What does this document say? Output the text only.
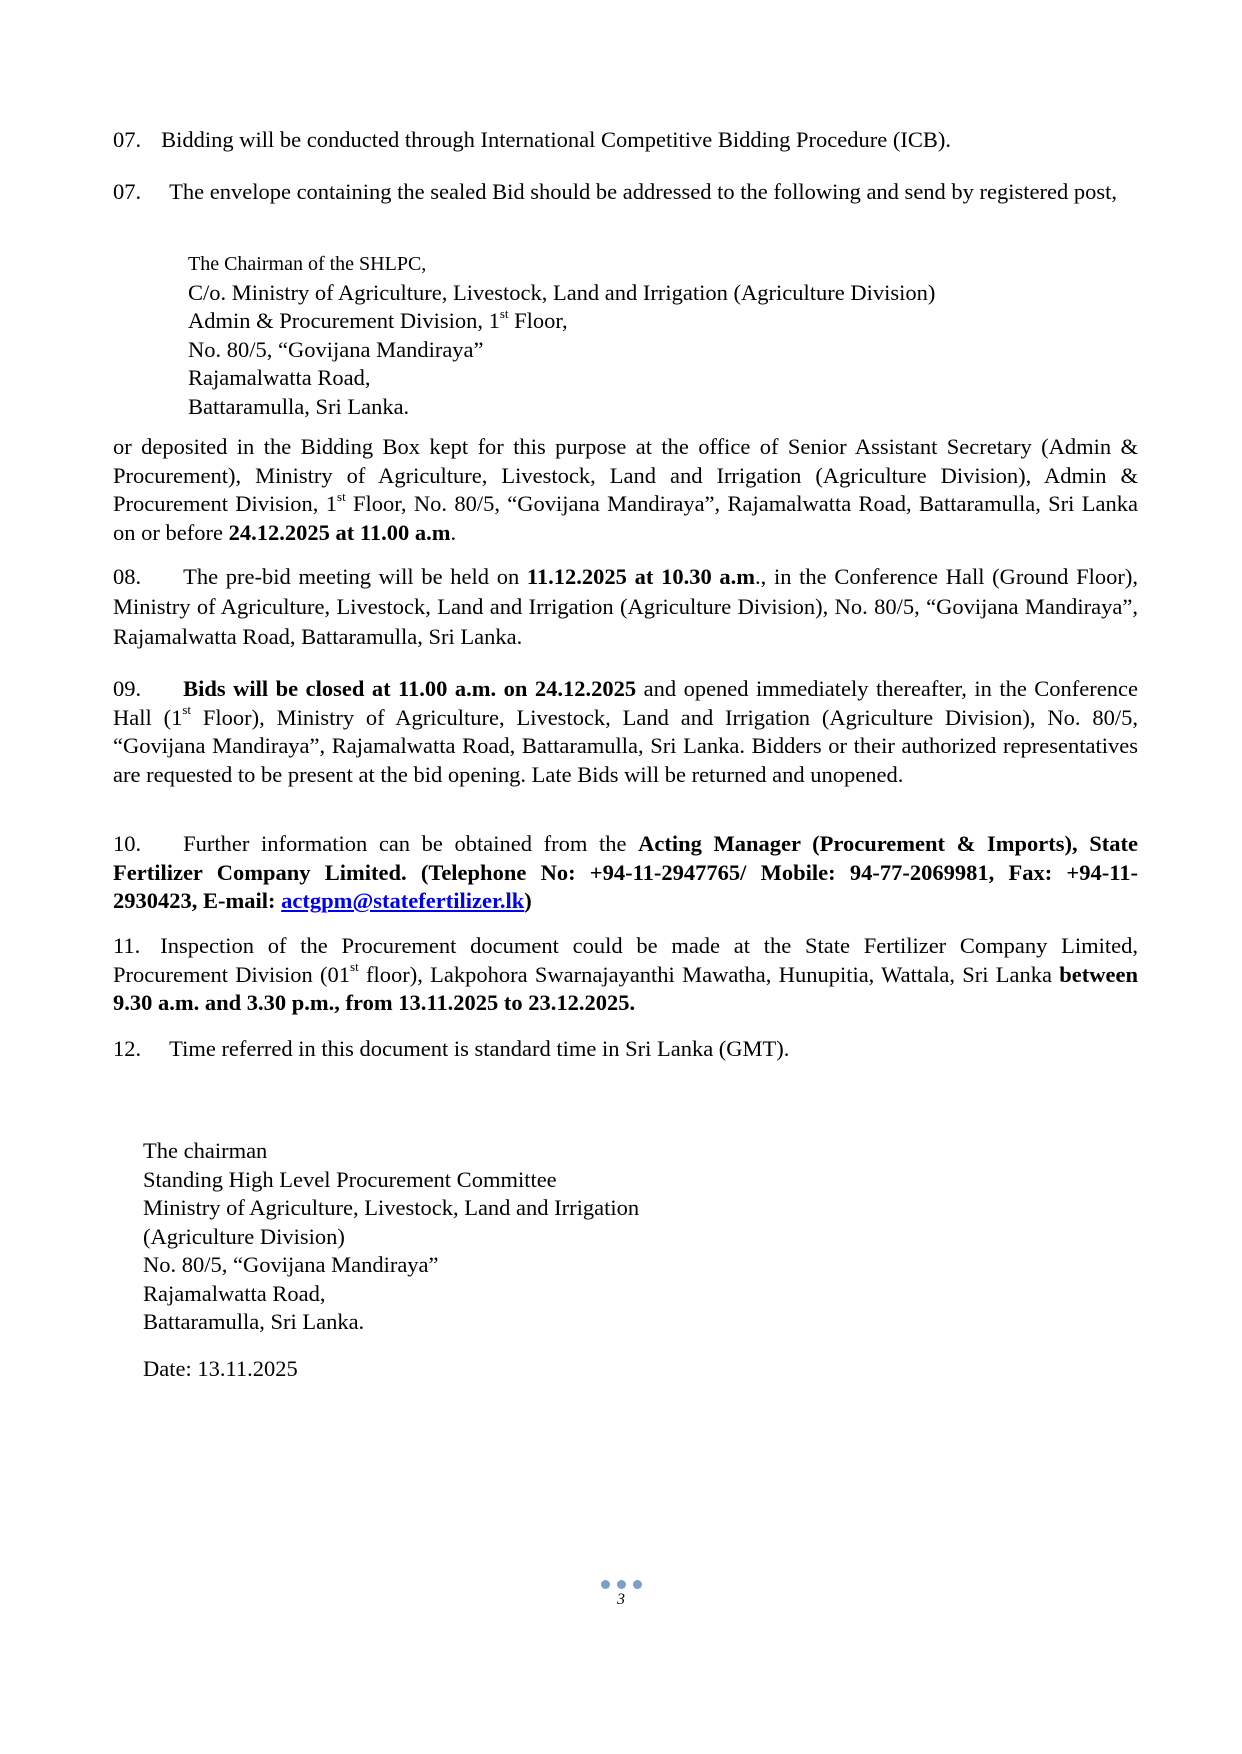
07. Bidding will be conducted through International Competitive Bidding Procedure (ICB).
07. The envelope containing the sealed Bid should be addressed to the following and send by registered post,
The Chairman of the SHLPC,
C/o. Ministry of Agriculture, Livestock, Land and Irrigation (Agriculture Division)
Admin & Procurement Division, 1st Floor,
No. 80/5, “Govijana Mandiraya”
Rajamalwatta Road,
Battaramulla, Sri Lanka.
or deposited in the Bidding Box kept for this purpose at the office of Senior Assistant Secretary (Admin & Procurement), Ministry of Agriculture, Livestock, Land and Irrigation (Agriculture Division), Admin & Procurement Division, 1st Floor, No. 80/5, “Govijana Mandiraya”, Rajamalwatta Road, Battaramulla, Sri Lanka on or before 24.12.2025 at 11.00 a.m.
08. The pre-bid meeting will be held on 11.12.2025 at 10.30 a.m., in the Conference Hall (Ground Floor), Ministry of Agriculture, Livestock, Land and Irrigation (Agriculture Division), No. 80/5, “Govijana Mandiraya”, Rajamalwatta Road, Battaramulla, Sri Lanka.
09. Bids will be closed at 11.00 a.m. on 24.12.2025 and opened immediately thereafter, in the Conference Hall (1st Floor), Ministry of Agriculture, Livestock, Land and Irrigation (Agriculture Division), No. 80/5, “Govijana Mandiraya”, Rajamalwatta Road, Battaramulla, Sri Lanka. Bidders or their authorized representatives are requested to be present at the bid opening. Late Bids will be returned and unopened.
10. Further information can be obtained from the Acting Manager (Procurement & Imports), State Fertilizer Company Limited. (Telephone No: +94-11-2947765/ Mobile: 94-77-2069981, Fax: +94-11-2930423, E-mail: actgpm@statefertilizer.lk)
11. Inspection of the Procurement document could be made at the State Fertilizer Company Limited, Procurement Division (01st floor), Lakpohora Swarnajayanthi Mawatha, Hunupitia, Wattala, Sri Lanka between 9.30 a.m. and 3.30 p.m., from 13.11.2025 to 23.12.2025.
12. Time referred in this document is standard time in Sri Lanka (GMT).
The chairman
Standing High Level Procurement Committee
Ministry of Agriculture, Livestock, Land and Irrigation
(Agriculture Division)
No. 80/5, “Govijana Mandiraya”
Rajamalwatta Road,
Battaramulla, Sri Lanka.
Date: 13.11.2025
3
